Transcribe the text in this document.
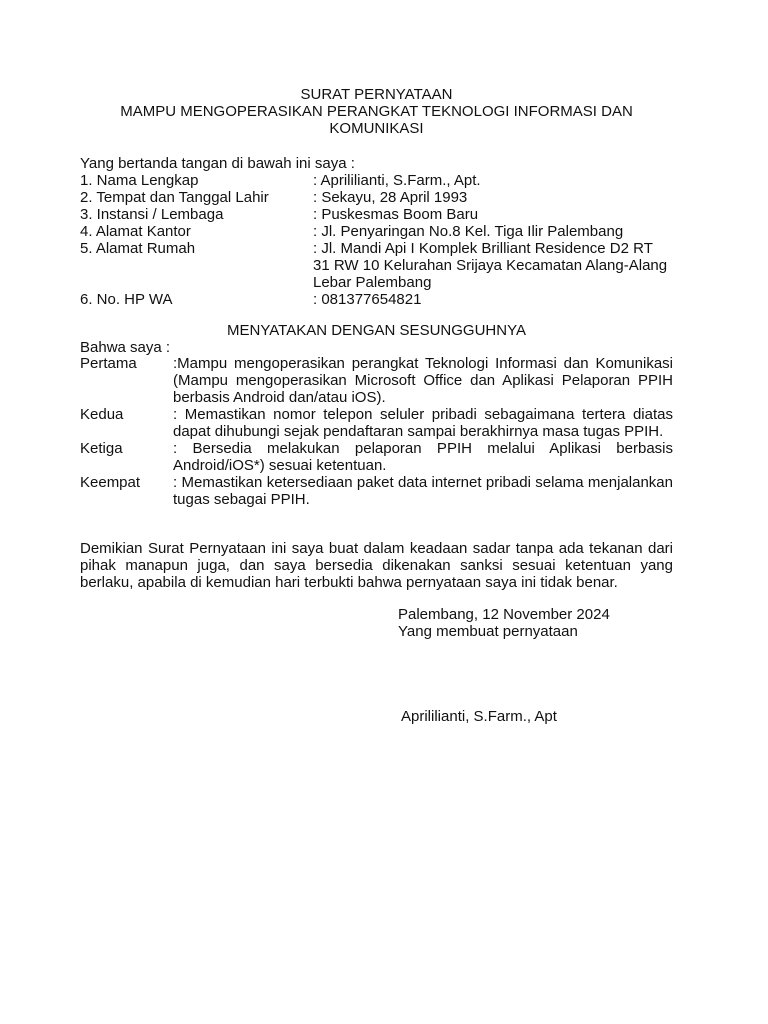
SURAT PERNYATAAN
MAMPU MENGOPERASIKAN PERANGKAT TEKNOLOGI INFORMASI DAN
KOMUNIKASI
Yang bertanda tangan di bawah ini saya :
1. Nama Lengkap	: Aprililianti, S.Farm., Apt.
2. Tempat dan Tanggal Lahir	: Sekayu, 28 April 1993
3. Instansi / Lembaga	: Puskesmas Boom Baru
4. Alamat Kantor	: Jl. Penyaringan No.8 Kel. Tiga Ilir Palembang
5. Alamat Rumah	: Jl. Mandi Api I Komplek Brilliant Residence D2 RT 31 RW 10 Kelurahan Srijaya Kecamatan Alang-Alang Lebar Palembang
6. No. HP WA	: 081377654821
MENYATAKAN DENGAN SESUNGGUHNYA
Bahwa saya :
Pertama	:Mampu mengoperasikan perangkat Teknologi Informasi dan Komunikasi (Mampu mengoperasikan Microsoft Office dan Aplikasi Pelaporan PPIH berbasis Android dan/atau iOS).
Kedua	: Memastikan nomor telepon seluler pribadi sebagaimana tertera diatas dapat dihubungi sejak pendaftaran sampai berakhirnya masa tugas PPIH.
Ketiga	: Bersedia melakukan pelaporan PPIH melalui Aplikasi berbasis Android/iOS*) sesuai ketentuan.
Keempat	: Memastikan ketersediaan paket data internet pribadi selama menjalankan tugas sebagai PPIH.
Demikian Surat Pernyataan ini saya buat dalam keadaan sadar tanpa ada tekanan dari pihak manapun juga, dan saya bersedia dikenakan sanksi sesuai ketentuan yang berlaku, apabila di kemudian hari terbukti bahwa pernyataan saya ini tidak benar.
Palembang, 12 November 2024
Yang membuat pernyataan
Aprililianti, S.Farm., Apt
